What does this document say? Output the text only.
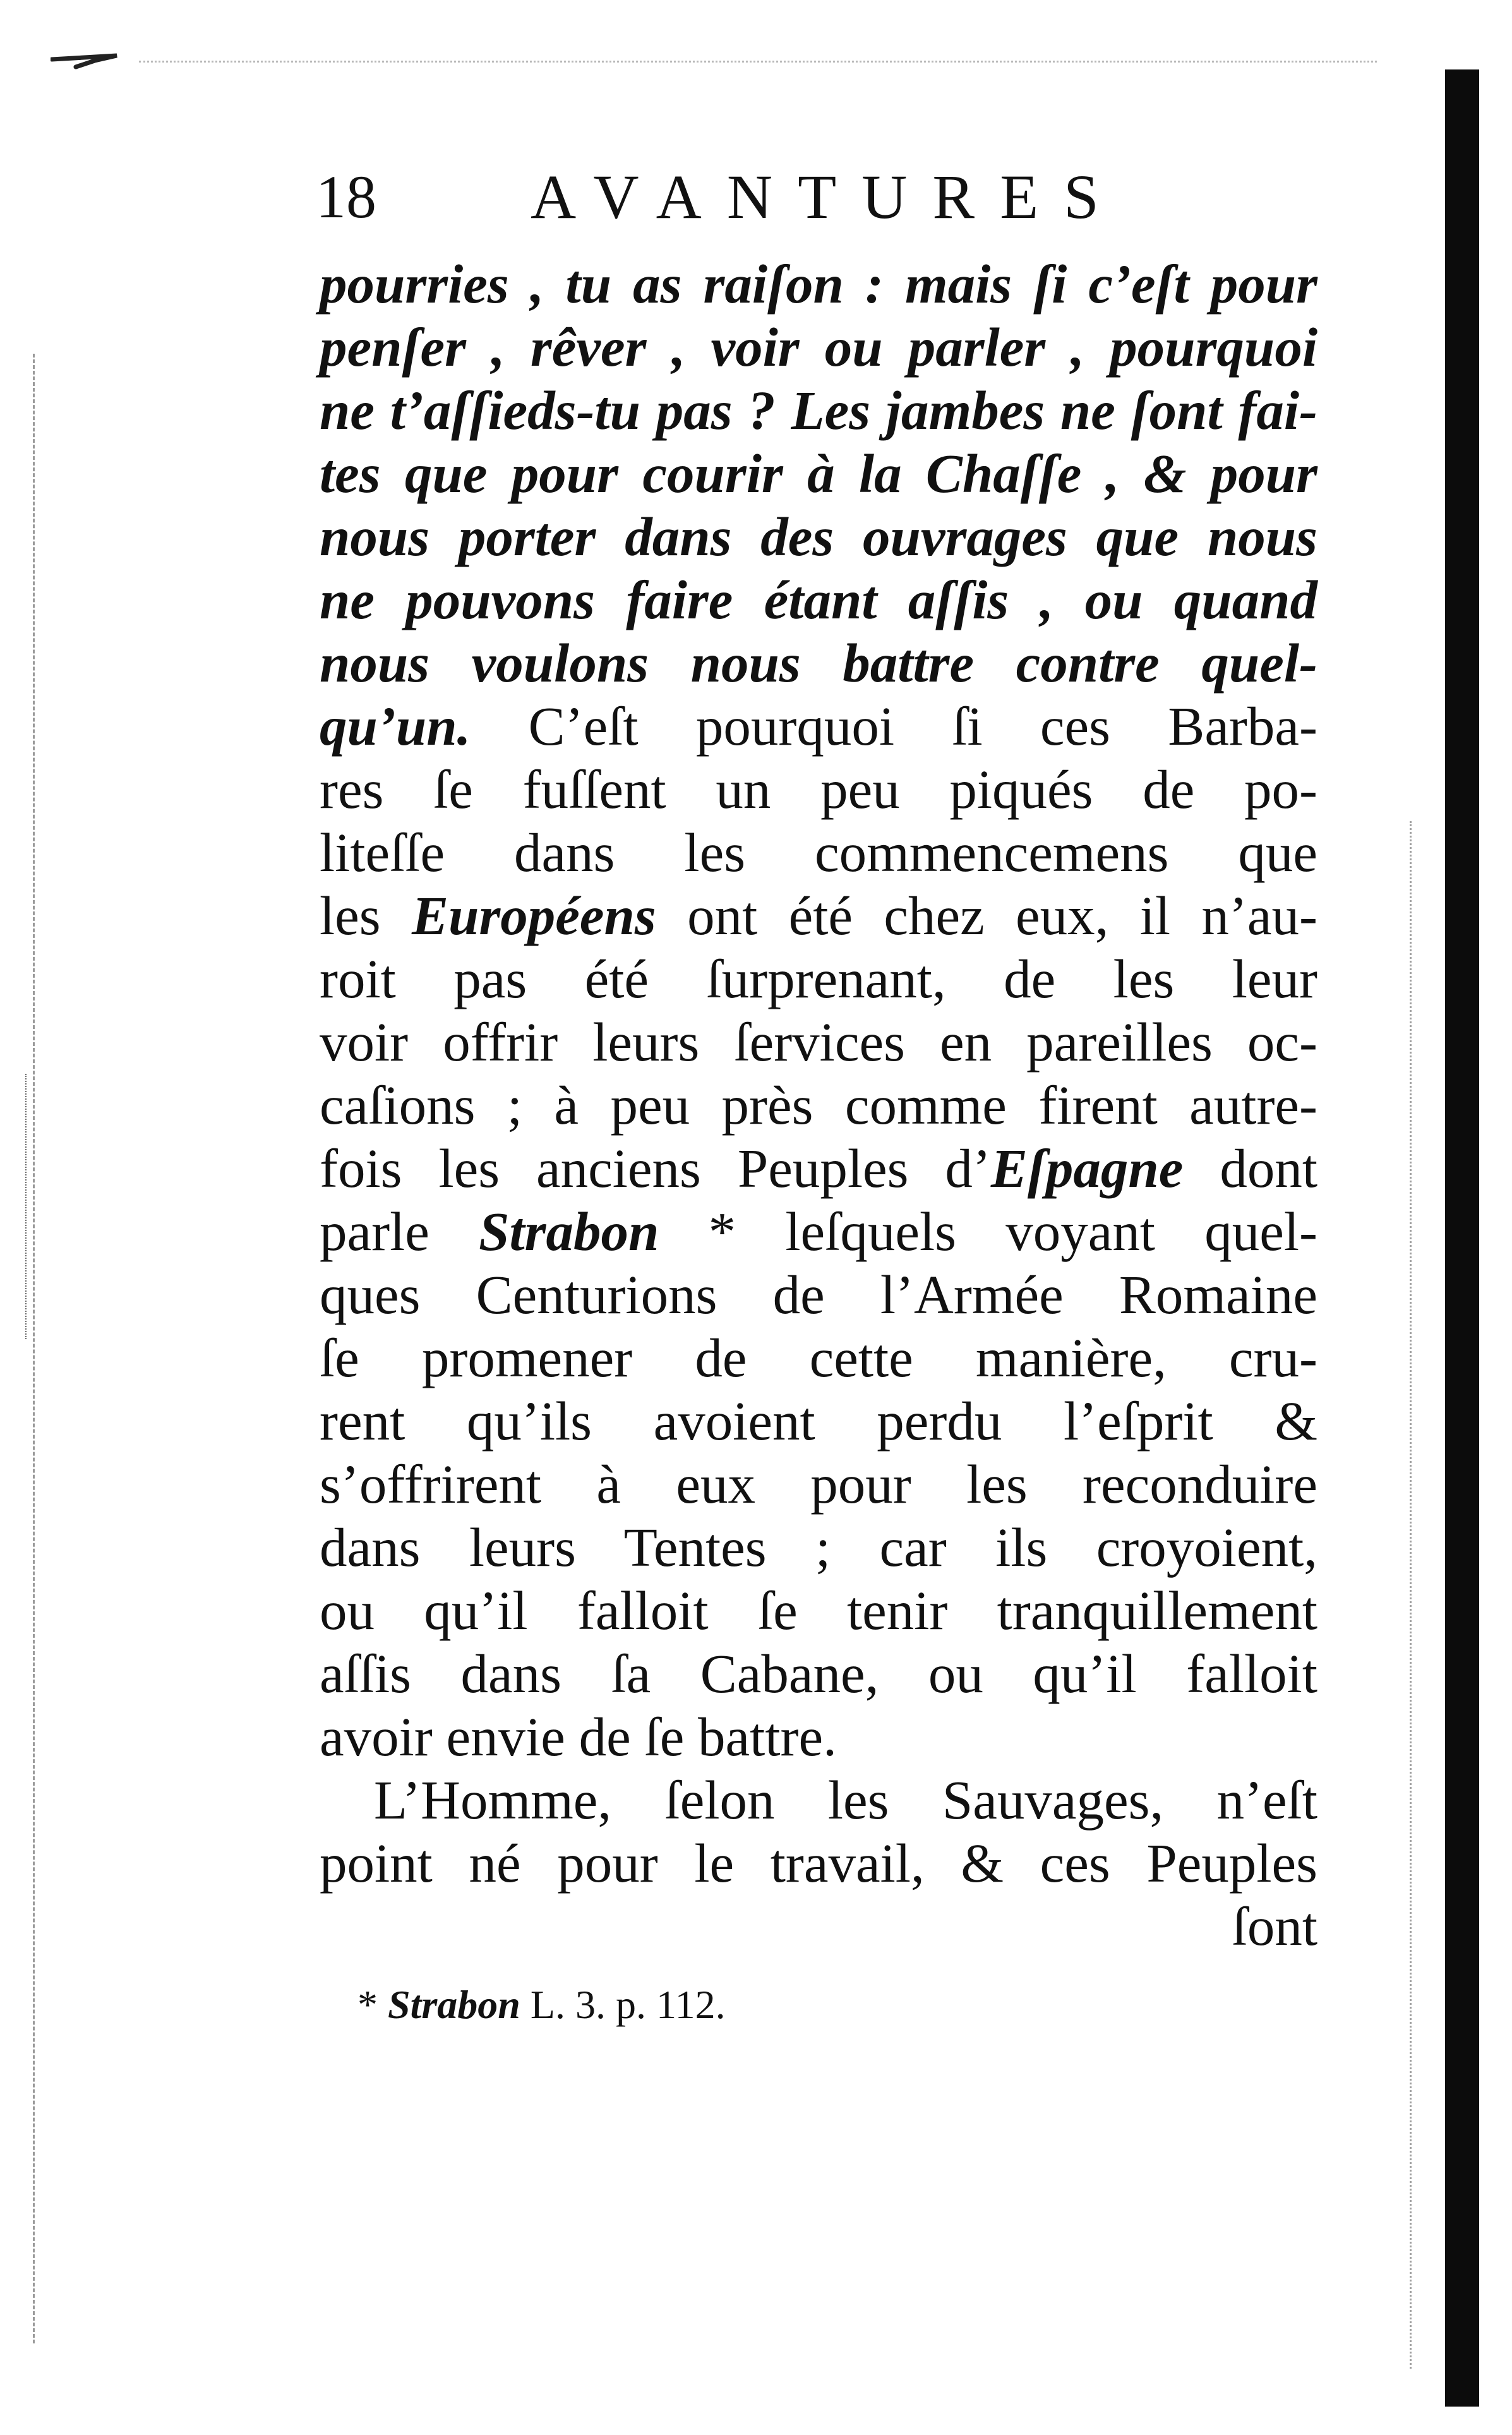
18 AVANTURES
pourries , tu as raiſon : mais ſi c’eſt pour
penſer , rêver , voir ou parler , pourquoi
ne t’aſſieds-tu pas ? Les jambes ne ſont fai-
tes que pour courir à la Chaſſe , & pour
nous porter dans des ouvrages que nous
ne pouvons faire étant aſſis , ou quand
nous voulons nous battre contre quel-
qu’un. C’eſt pourquoi ſi ces Barba-
res ſe fuſſent un peu piqués de po-
liteſſe dans les commencemens que
les Européens ont été chez eux, il n’au-
roit pas été ſurprenant, de les leur
voir offrir leurs ſervices en pareilles oc-
caſions ; à peu près comme firent autre-
fois les anciens Peuples d’Eſpagne dont
parle Strabon * leſquels voyant quel-
ques Centurions de l’Armée Romaine
ſe promener de cette manière, cru-
rent qu’ils avoient perdu l’eſprit &
s’offrirent à eux pour les reconduire
dans leurs Tentes ; car ils croyoient,
ou qu’il falloit ſe tenir tranquillement
aſſis dans ſa Cabane, ou qu’il falloit
avoir envie de ſe battre.
L’Homme, ſelon les Sauvages, n’eſt
point né pour le travail, & ces Peuples
ſont
* Strabon L. 3. p. 112.
